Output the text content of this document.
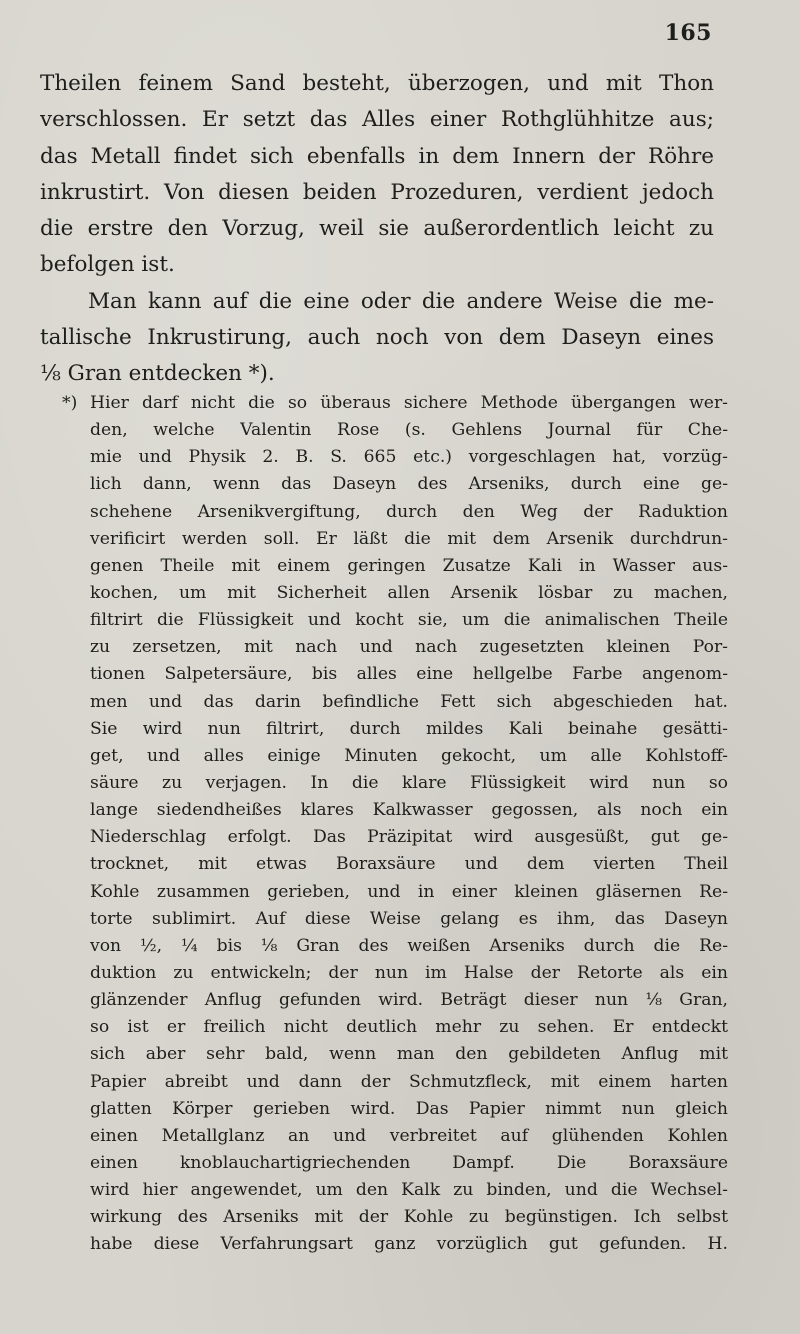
165
Theilen feinem Sand besteht, überzogen, und mit Thon
verschlossen. Er setzt das Alles einer Rothglühhitze aus;
das Metall findet sich ebenfalls in dem Innern der Röhre
inkrustirt. Von diesen beiden Prozeduren, verdient jedoch
die erstre den Vorzug, weil sie außerordentlich leicht zu
befolgen ist.
Man kann auf die eine oder die andere Weise die me-
tallische Inkrustirung, auch noch von dem Daseyn eines
⅛ Gran entdecken *).
*) Hier darf nicht die so überaus sichere Methode übergangen wer-
den, welche Valentin Rose (s. Gehlens Journal für Che-
mie und Physik 2. B. S. 665 etc.) vorgeschlagen hat, vorzüg-
lich dann, wenn das Daseyn des Arseniks, durch eine ge-
schehene Arsenikvergiftung, durch den Weg der Raduktion
verificirt werden soll. Er läßt die mit dem Arsenik durchdrun-
genen Theile mit einem geringen Zusatze Kali in Wasser aus-
kochen, um mit Sicherheit allen Arsenik lösbar zu machen,
filtrirt die Flüssigkeit und kocht sie, um die animalischen Theile
zu zersetzen, mit nach und nach zugesetzten kleinen Por-
tionen Salpetersäure, bis alles eine hellgelbe Farbe angenom-
men und das darin befindliche Fett sich abgeschieden hat.
Sie wird nun filtrirt, durch mildes Kali beinahe gesätti-
get, und alles einige Minuten gekocht, um alle Kohlstoff-
säure zu verjagen. In die klare Flüssigkeit wird nun so
lange siedendheißes klares Kalkwasser gegossen, als noch ein
Niederschlag erfolgt. Das Präzipitat wird ausgesüßt, gut ge-
trocknet, mit etwas Boraxsäure und dem vierten Theil
Kohle zusammen gerieben, und in einer kleinen gläsernen Re-
torte sublimirt. Auf diese Weise gelang es ihm, das Daseyn
von ½, ¼ bis ⅛ Gran des weißen Arseniks durch die Re-
duktion zu entwickeln; der nun im Halse der Retorte als ein
glänzender Anflug gefunden wird. Beträgt dieser nun ⅛ Gran,
so ist er freilich nicht deutlich mehr zu sehen. Er entdeckt
sich aber sehr bald, wenn man den gebildeten Anflug mit
Papier abreibt und dann der Schmutzfleck, mit einem harten
glatten Körper gerieben wird. Das Papier nimmt nun gleich
einen Metallglanz an und verbreitet auf glühenden Kohlen
einen knoblauchartigriechenden Dampf. Die Boraxsäure
wird hier angewendet, um den Kalk zu binden, und die Wechsel-
wirkung des Arseniks mit der Kohle zu begünstigen. Ich selbst
habe diese Verfahrungsart ganz vorzüglich gut gefunden. H.
